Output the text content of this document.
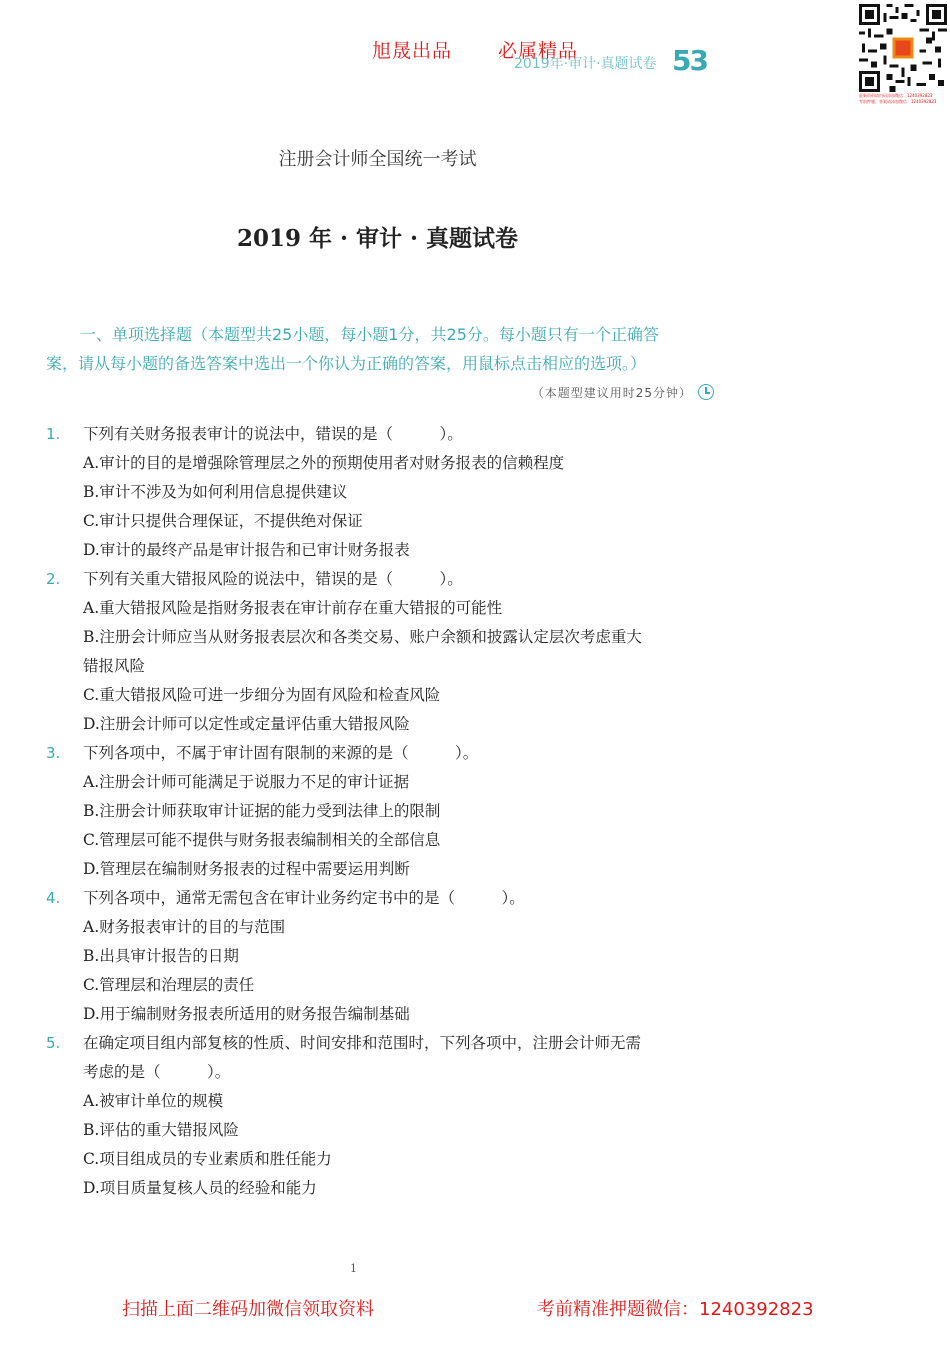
旭晟出品 必属精品
2019年·审计·真题试卷 53
最新资料请扫码添加微信：1240392823
考前押题、答案请添加微信：1240392823
注册会计师全国统一考试
2019 年 · 审计 · 真题试卷
一、单项选择题（本题型共25小题，每小题1分，共25分。每小题只有一个正确答
案，请从每小题的备选答案中选出一个你认为正确的答案，用鼠标点击相应的选项。）
（本题型建议用时25分钟）
1.	下列有关财务报表审计的说法中，错误的是（　　　）。
A.审计的目的是增强除管理层之外的预期使用者对财务报表的信赖程度
B.审计不涉及为如何利用信息提供建议
C.审计只提供合理保证，不提供绝对保证
D.审计的最终产品是审计报告和已审计财务报表
2.	下列有关重大错报风险的说法中，错误的是（　　　）。
A.重大错报风险是指财务报表在审计前存在重大错报的可能性
B.注册会计师应当从财务报表层次和各类交易、账户余额和披露认定层次考虑重大
错报风险
C.重大错报风险可进一步细分为固有风险和检查风险
D.注册会计师可以定性或定量评估重大错报风险
3.	下列各项中，不属于审计固有限制的来源的是（　　　）。
A.注册会计师可能满足于说服力不足的审计证据
B.注册会计师获取审计证据的能力受到法律上的限制
C.管理层可能不提供与财务报表编制相关的全部信息
D.管理层在编制财务报表的过程中需要运用判断
4.	下列各项中，通常无需包含在审计业务约定书中的是（　　　）。
A.财务报表审计的目的与范围
B.出具审计报告的日期
C.管理层和治理层的责任
D.用于编制财务报表所适用的财务报告编制基础
5.	在确定项目组内部复核的性质、时间安排和范围时，下列各项中，注册会计师无需
考虑的是（　　　）。
A.被审计单位的规模
B.评估的重大错报风险
C.项目组成员的专业素质和胜任能力
D.项目质量复核人员的经验和能力
1
扫描上面二维码加微信领取资料	考前精准押题微信：1240392823
